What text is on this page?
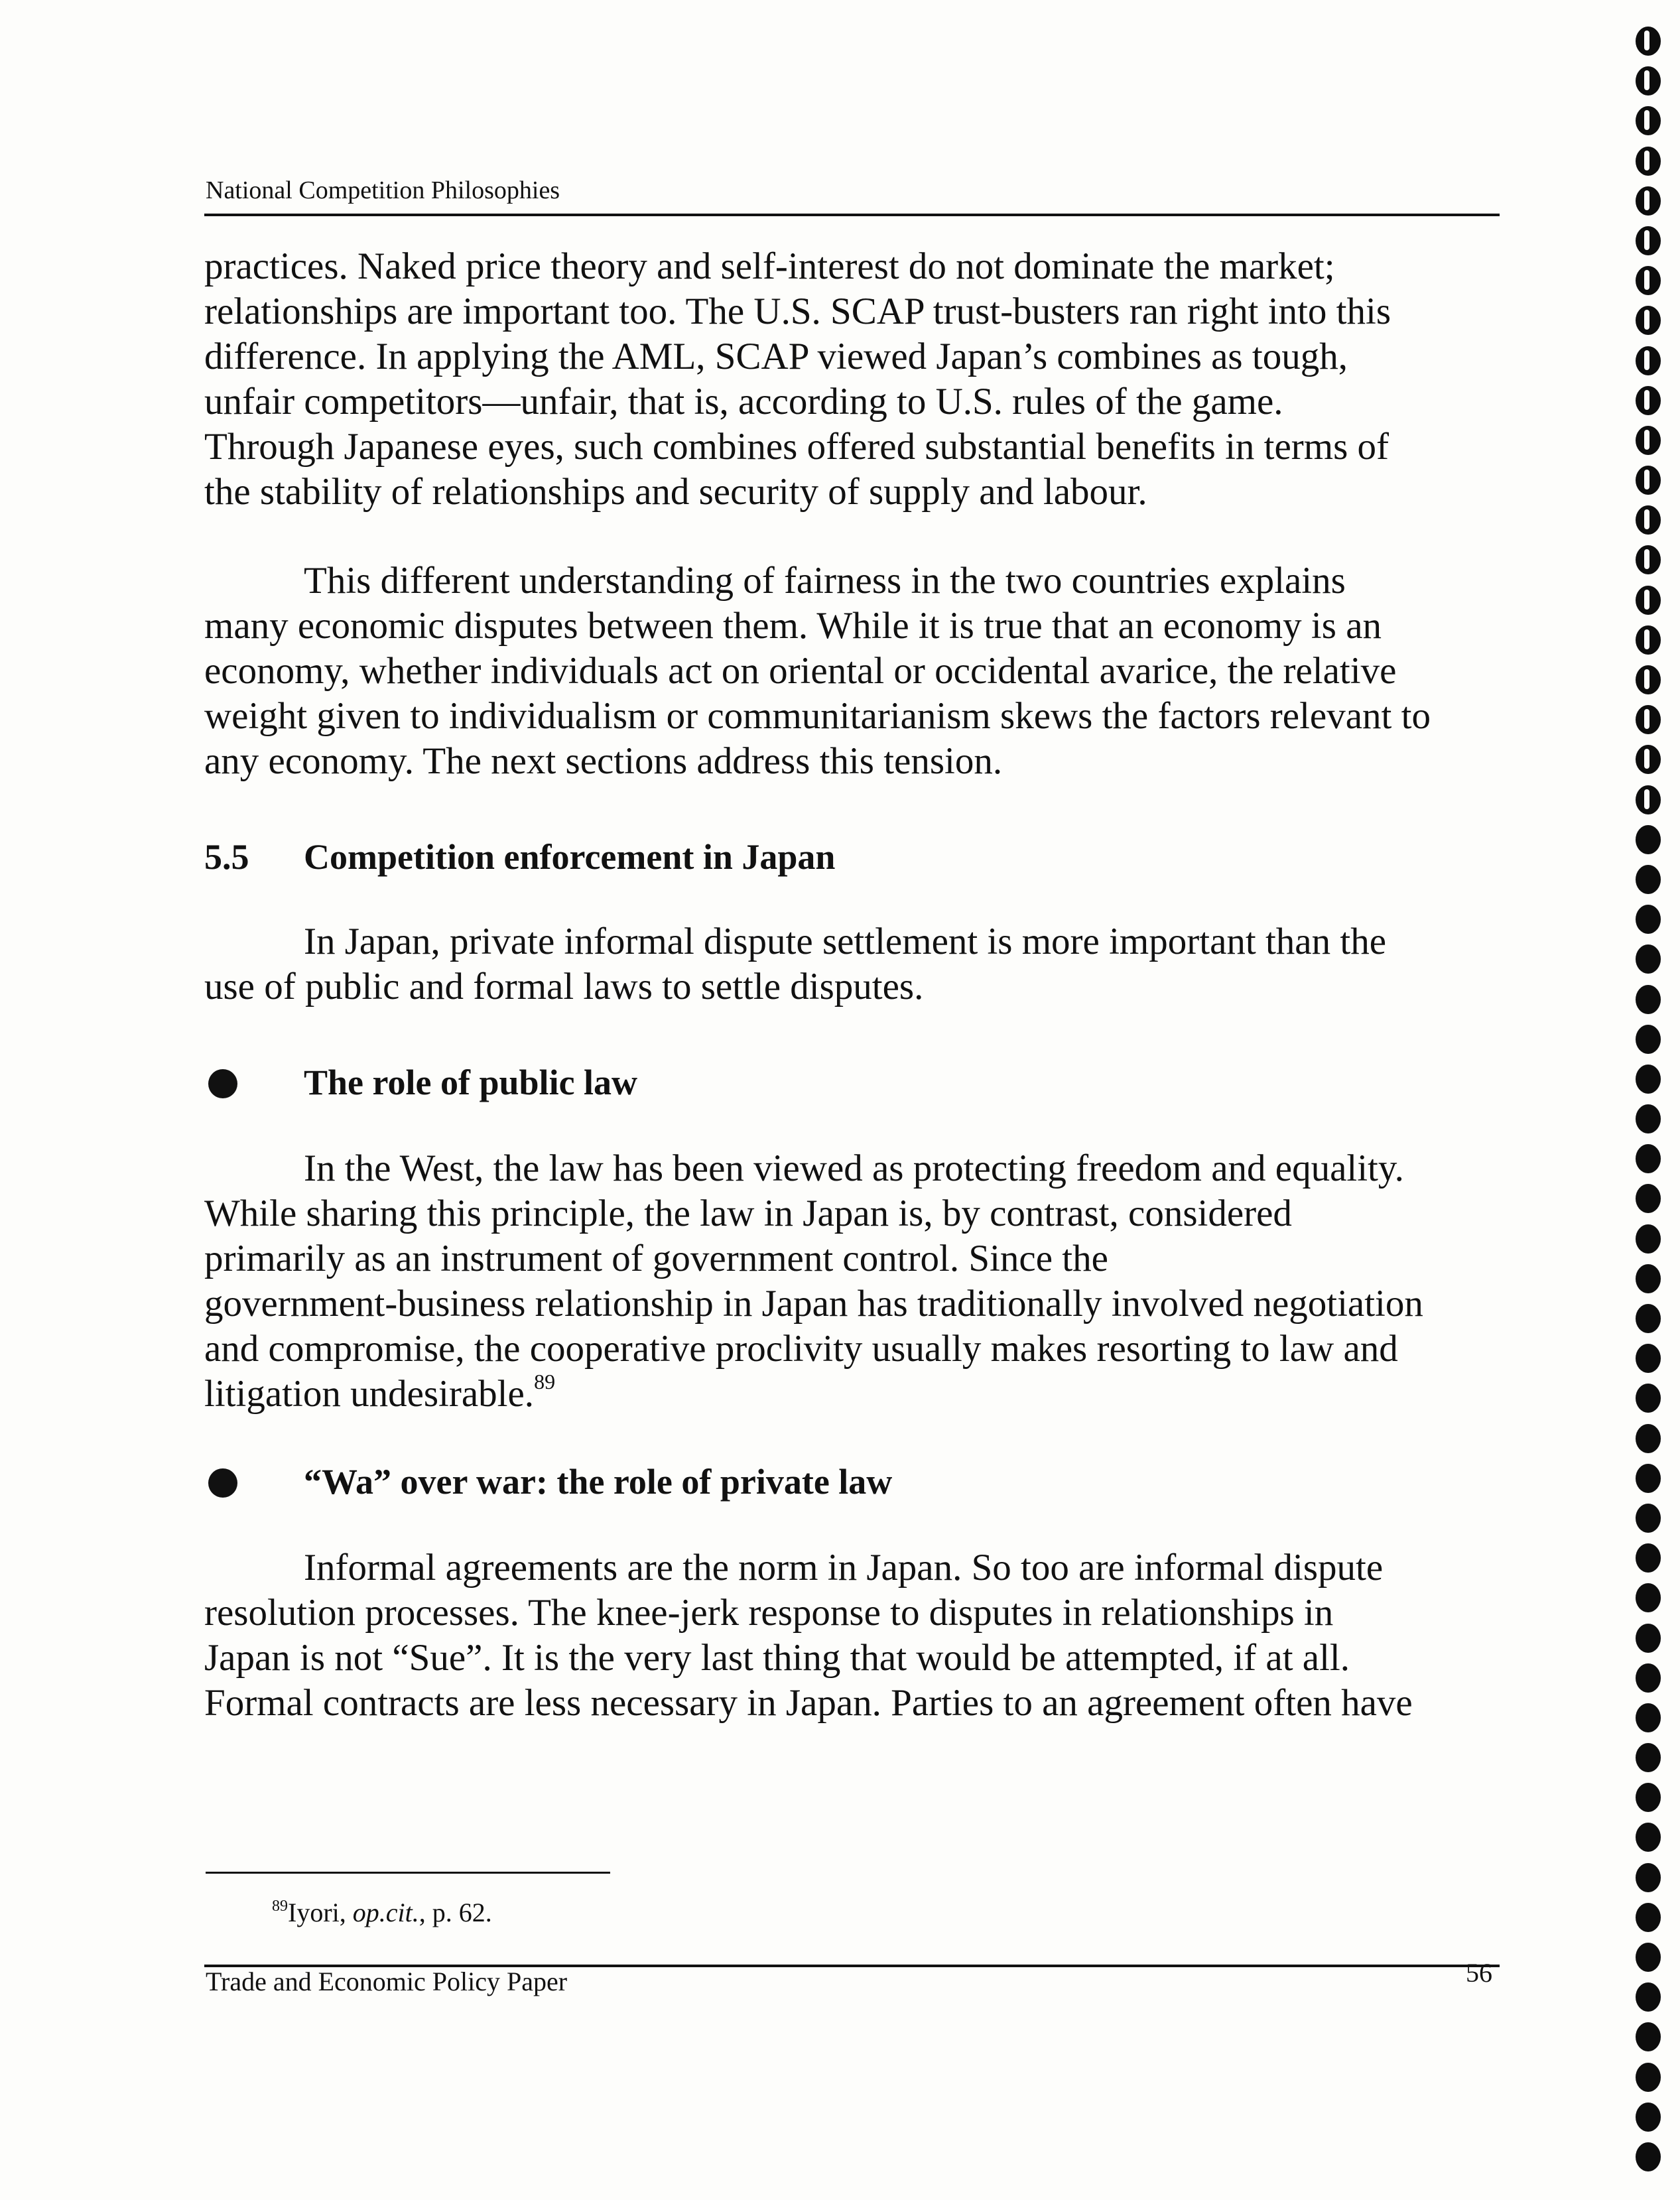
National Competition Philosophies

practices. Naked price theory and self-interest do not dominate the market;
relationships are important too. The U.S. SCAP trust-busters ran right into this
difference. In applying the AML, SCAP viewed Japan’s combines as tough,
unfair competitors—unfair, that is, according to U.S. rules of the game.
Through Japanese eyes, such combines offered substantial benefits in terms of
the stability of relationships and security of supply and labour.

This different understanding of fairness in the two countries explains
many economic disputes between them. While it is true that an economy is an
economy, whether individuals act on oriental or occidental avarice, the relative
weight given to individualism or communitarianism skews the factors relevant to
any economy. The next sections address this tension.

5.5 Competition enforcement in Japan

In Japan, private informal dispute settlement is more important than the
use of public and formal laws to settle disputes.

The role of public law

In the West, the law has been viewed as protecting freedom and equality.
While sharing this principle, the law in Japan is, by contrast, considered
primarily as an instrument of government control. Since the
government-business relationship in Japan has traditionally involved negotiation
and compromise, the cooperative proclivity usually makes resorting to law and
litigation undesirable.$^{89}$

“Wa” over war: the role of private law

Informal agreements are the norm in Japan. So too are informal dispute
resolution processes. The knee-jerk response to disputes in relationships in
Japan is not “Sue”. It is the very last thing that would be attempted, if at all.
Formal contracts are less necessary in Japan. Parties to an agreement often have

$^{89}$Iyori, op.cit., p. 62.
Trade and Economic Policy Paper	56
